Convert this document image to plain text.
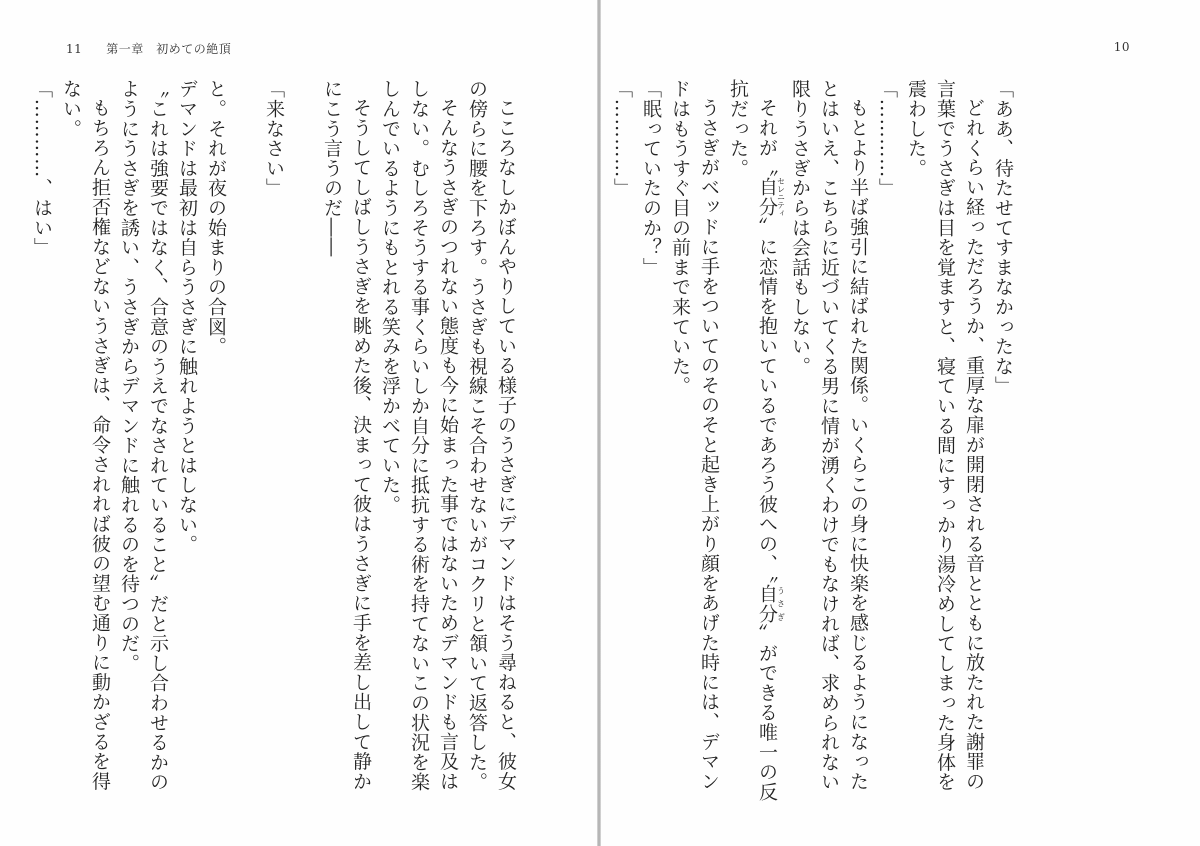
11 第一章　初めての絶頂

こころなしかぼんやりしている様子のうさぎにデマンドはそう尋ねると、彼女の傍らに腰を下ろす。うさぎも視線こそ合わせないがコクリと頷いて返答した。

そんなうさぎのつれない態度も今に始まった事ではないためデマンドも言及はしない。むしろそうする事くらいしか自分に抵抗する術を持てないこの状況を楽しんでいるようにもとれる笑みを浮かべていた。

そうしてしばしうさぎを眺めた後、決まって彼はうさぎに手を差し出して静かにこう言うのだ――

「来なさい」

と。それが夜の始まりの合図。

デマンドは最初は自らうさぎに触れようとはしない。

〝これは強要ではなく、合意のうえでなされていること〟だと示し合わせるかのようにうさぎを誘い、うさぎからデマンドに触れるのを待つのだ。

もちろん拒否権などないうさぎは、命令されれば彼の望む通りに動かざるを得ない。

「…………、はい」

10

「ああ、待たせてすまなかったな」

どれくらい経っただろうか、重厚な扉が開閉される音とともに放たれた謝罪の言葉でうさぎは目を覚ますと、寝ている間にすっかり湯冷めしてしまった身体を震わした。

「…………」

もとより半ば強引に結ばれた関係。いくらこの身に快楽を感じるようになったとはいえ、こちらに近づいてくる男に情が湧くわけでもなければ、求められない限りうさぎからは会話もしない。

それが〝自分セレニティ〟に恋情を抱いているであろう彼への、〝自分うさぎ〟ができる唯一の反抗だった。

うさぎがベッドに手をついてのそのそと起き上がり顔をあげた時には、デマンドはもうすぐ目の前まで来ていた。

「眠っていたのか？」

「…………」
